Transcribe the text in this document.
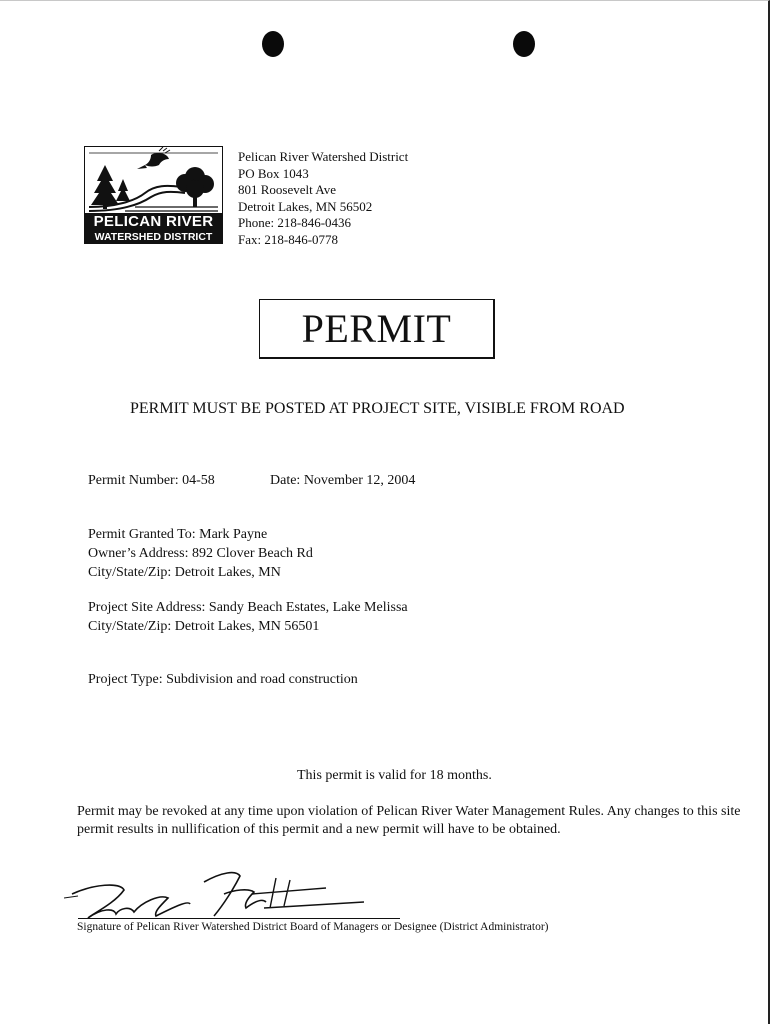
PELICAN RIVER
WATERSHED DISTRICT
Pelican River Watershed District
PO Box 1043
801 Roosevelt Ave
Detroit Lakes, MN 56502
Phone: 218-846-0436
Fax: 218-846-0778
PERMIT
PERMIT MUST BE POSTED AT PROJECT SITE, VISIBLE FROM ROAD
Permit Number: 04-58	Date: November 12, 2004
Permit Granted To: Mark Payne
Owner’s Address: 892 Clover Beach Rd
City/State/Zip: Detroit Lakes, MN
Project Site Address: Sandy Beach Estates, Lake Melissa
City/State/Zip: Detroit Lakes, MN 56501
Project Type: Subdivision and road construction
This permit is valid for 18 months.
Permit may be revoked at any time upon violation of Pelican River Water Management Rules. Any changes to this site permit results in nullification of this permit and a new permit will have to be obtained.
Signature of Pelican River Watershed District Board of Managers or Designee (District Administrator)
